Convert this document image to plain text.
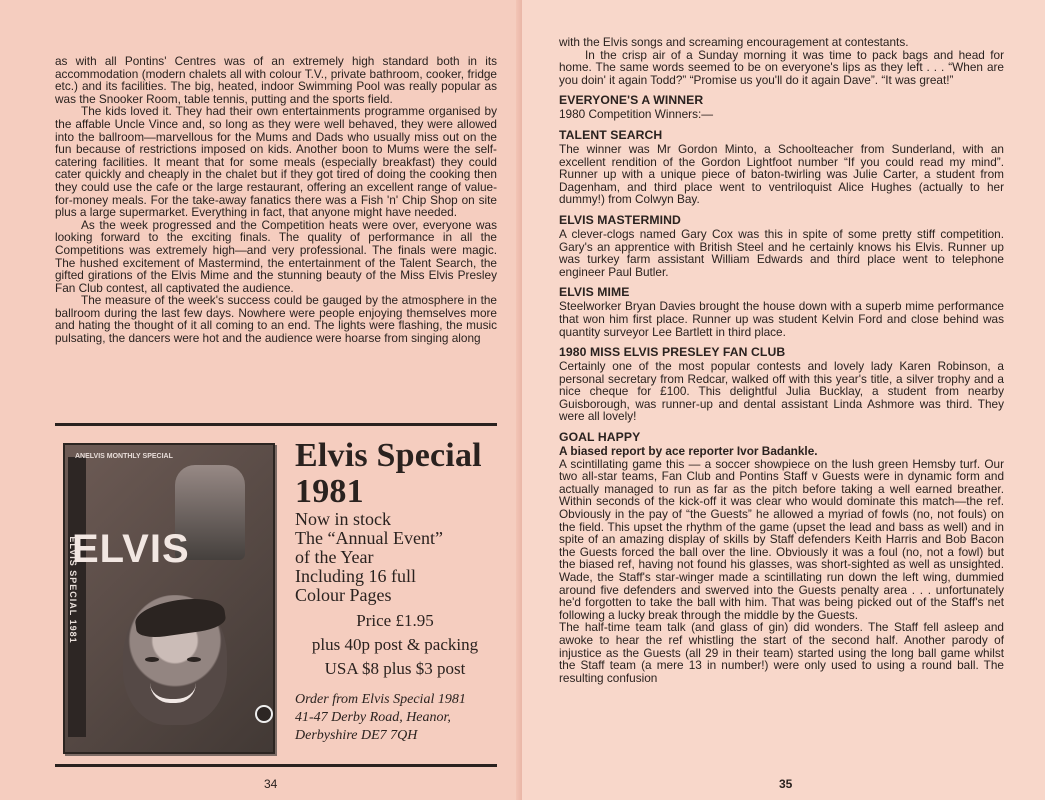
as with all Pontins' Centres was of an extremely high standard both in its accommodation (modern chalets all with colour T.V., private bathroom, cooker, fridge etc.) and its facilities. The big, heated, indoor Swimming Pool was really popular as was the Snooker Room, table tennis, putting and the sports field.

The kids loved it. They had their own entertainments programme organised by the affable Uncle Vince and, so long as they were well behaved, they were allowed into the ballroom—marvellous for the Mums and Dads who usually miss out on the fun because of restrictions imposed on kids. Another boon to Mums were the self-catering facilities. It meant that for some meals (especially breakfast) they could cater quickly and cheaply in the chalet but if they got tired of doing the cooking then they could use the cafe or the large restaurant, offering an excellent range of value-for-money meals. For the take-away fanatics there was a Fish 'n' Chip Shop on site plus a large supermarket. Everything in fact, that anyone might have needed.

As the week progressed and the Competition heats were over, everyone was looking forward to the exciting finals. The quality of performance in all the Competitions was extremely high—and very professional. The finals were magic. The hushed excitement of Mastermind, the entertainment of the Talent Search, the gifted girations of the Elvis Mime and the stunning beauty of the Miss Elvis Presley Fan Club contest, all captivated the audience.

The measure of the week's success could be gauged by the atmosphere in the ballroom during the last few days. Nowhere were people enjoying themselves more and hating the thought of it all coming to an end. The lights were flashing, the music pulsating, the dancers were hot and the audience were hoarse from singing along

ELVIS SPECIAL 1981
ANELVIS MONTHLY SPECIAL
ELVIS
Elvis Special 1981
Now in stock
The “Annual Event”
of the Year
Including 16 full
Colour Pages
Price £1.95
plus 40p post & packing
USA $8 plus $3 post
Order from Elvis Special 1981
41-47 Derby Road, Heanor,
Derbyshire DE7 7QH
34

with the Elvis songs and screaming encouragement at contestants.

In the crisp air of a Sunday morning it was time to pack bags and head for home. The same words seemed to be on everyone's lips as they left . . . “When are you doin' it again Todd?” “Promise us you'll do it again Dave”. “It was great!”

EVERYONE'S A WINNER

1980 Competition Winners:—

TALENT SEARCH

The winner was Mr Gordon Minto, a Schoolteacher from Sunderland, with an excellent rendition of the Gordon Lightfoot number “If you could read my mind”. Runner up with a unique piece of baton-twirling was Julie Carter, a student from Dagenham, and third place went to ventriloquist Alice Hughes (actually to her dummy!) from Colwyn Bay.

ELVIS MASTERMIND

A clever-clogs named Gary Cox was this in spite of some pretty stiff competition. Gary's an apprentice with British Steel and he certainly knows his Elvis. Runner up was turkey farm assistant William Edwards and third place went to telephone engineer Paul Butler.

ELVIS MIME

Steelworker Bryan Davies brought the house down with a superb mime performance that won him first place. Runner up was student Kelvin Ford and close behind was quantity surveyor Lee Bartlett in third place.

1980 MISS ELVIS PRESLEY FAN CLUB

Certainly one of the most popular contests and lovely lady Karen Robinson, a personal secretary from Redcar, walked off with this year's title, a silver trophy and a nice cheque for £100. This delightful Julia Bucklay, a student from nearby Guisborough, was runner-up and dental assistant Linda Ashmore was third. They were all lovely!

GOAL HAPPY
A biased report by ace reporter Ivor Badankle.

A scintillating game this — a soccer showpiece on the lush green Hemsby turf. Our two all-star teams, Fan Club and Pontins Staff v Guests were in dynamic form and actually managed to run as far as the pitch before taking a well earned breather. Within seconds of the kick-off it was clear who would dominate this match—the ref. Obviously in the pay of “the Guests” he allowed a myriad of fowls (no, not fouls) on the field. This upset the rhythm of the game (upset the lead and bass as well) and in spite of an amazing display of skills by Staff defenders Keith Harris and Bob Bacon the Guests forced the ball over the line. Obviously it was a foul (no, not a fowl) but the biased ref, having not found his glasses, was short-sighted as well as unsighted. Wade, the Staff's star-winger made a scintillating run down the left wing, dummied around five defenders and swerved into the Guests penalty area . . . unfortunately he'd forgotten to take the ball with him. That was being picked out of the Staff's net following a lucky break through the middle by the Guests.

The half-time team talk (and glass of gin) did wonders. The Staff fell asleep and awoke to hear the ref whistling the start of the second half. Another parody of injustice as the Guests (all 29 in their team) started using the long ball game whilst the Staff team (a mere 13 in number!) were only used to using a round ball. The resulting confusion

35
